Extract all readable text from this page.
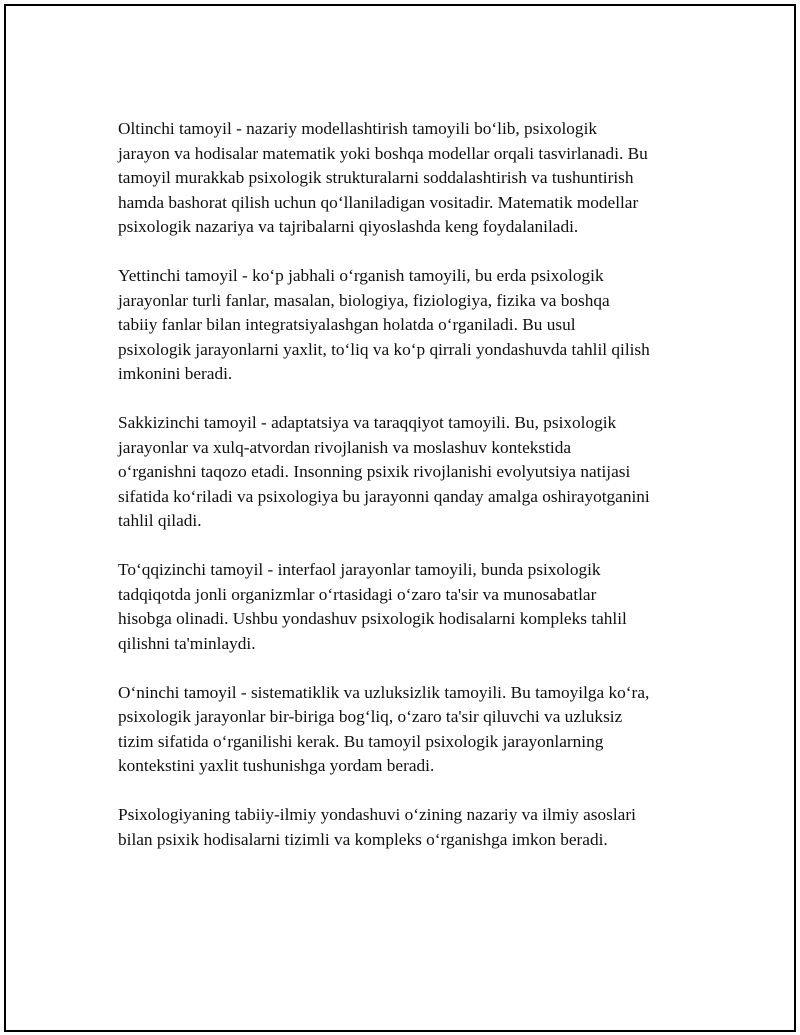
Oltinchi tamoyil - nazariy modellashtirish tamoyili bo‘lib, psixologik
jarayon va hodisalar matematik yoki boshqa modellar orqali tasvirlanadi. Bu
tamoyil murakkab psixologik strukturalarni soddalashtirish va tushuntirish
hamda bashorat qilish uchun qo‘llaniladigan vositadir. Matematik modellar
psixologik nazariya va tajribalarni qiyoslashda keng foydalaniladi.

Yettinchi tamoyil - ko‘p jabhali o‘rganish tamoyili, bu erda psixologik
jarayonlar turli fanlar, masalan, biologiya, fiziologiya, fizika va boshqa
tabiiy fanlar bilan integratsiyalashgan holatda o‘rganiladi. Bu usul
psixologik jarayonlarni yaxlit, to‘liq va ko‘p qirrali yondashuvda tahlil qilish
imkonini beradi.

Sakkizinchi tamoyil - adaptatsiya va taraqqiyot tamoyili. Bu, psixologik
jarayonlar va xulq-atvordan rivojlanish va moslashuv kontekstida
o‘rganishni taqozo etadi. Insonning psixik rivojlanishi evolyutsiya natijasi
sifatida ko‘riladi va psixologiya bu jarayonni qanday amalga oshirayotganini
tahlil qiladi.

To‘qqizinchi tamoyil - interfaol jarayonlar tamoyili, bunda psixologik
tadqiqotda jonli organizmlar o‘rtasidagi o‘zaro ta'sir va munosabatlar
hisobga olinadi. Ushbu yondashuv psixologik hodisalarni kompleks tahlil
qilishni ta'minlaydi.

O‘ninchi tamoyil - sistematiklik va uzluksizlik tamoyili. Bu tamoyilga ko‘ra,
psixologik jarayonlar bir-biriga bog‘liq, o‘zaro ta'sir qiluvchi va uzluksiz
tizim sifatida o‘rganilishi kerak. Bu tamoyil psixologik jarayonlarning
kontekstini yaxlit tushunishga yordam beradi.

Psixologiyaning tabiiy-ilmiy yondashuvi o‘zining nazariy va ilmiy asoslari
bilan psixik hodisalarni tizimli va kompleks o‘rganishga imkon beradi.
